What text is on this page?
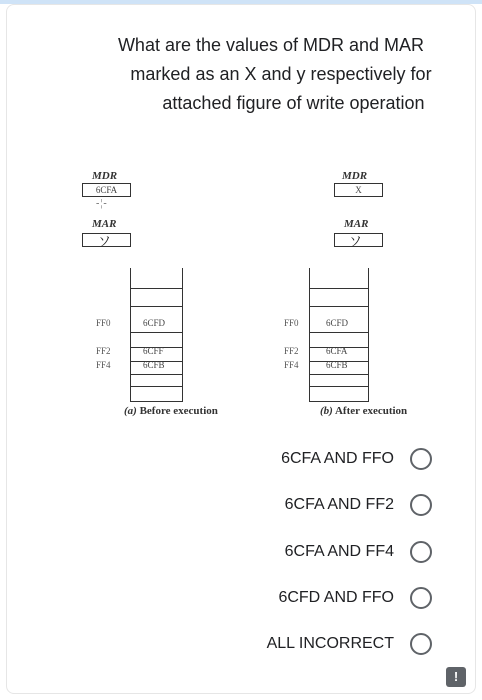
What are the values of MDR and MAR
marked as an X and y respectively for
attached figure of write operation
MDR
6CFA
-¦-
MAR
ソ
MDR
X
MAR
ソ
FF0
FF2
FF4
6CFD
6CFF
6CFB
FF0
FF2
FF4
6CFD
6CFA
6CFB
(a) Before execution	(b) After execution
6CFA AND FFO
6CFA AND FF2
6CFA AND FF4
6CFD AND FFO
ALL INCORRECT
!
